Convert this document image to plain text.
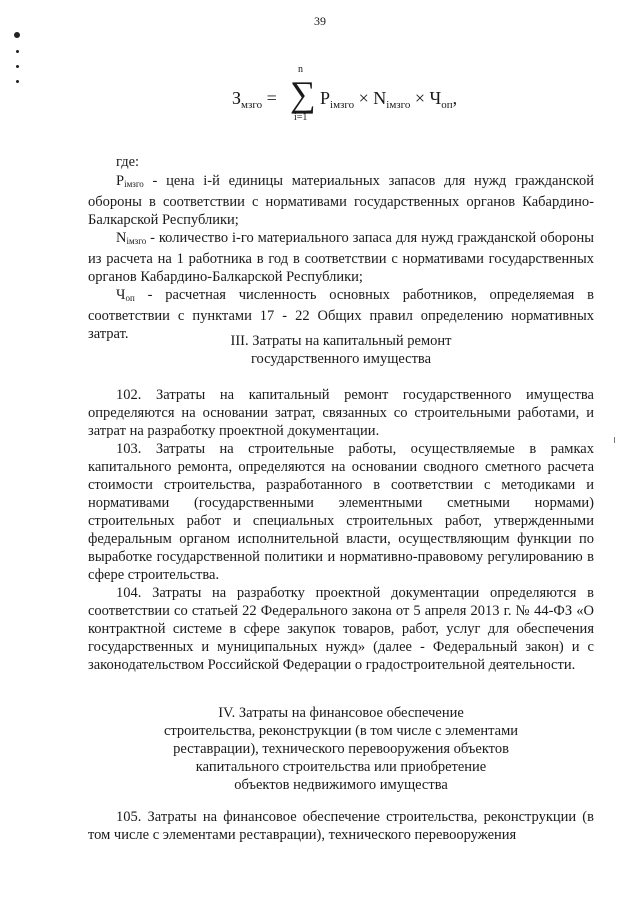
39
$З_{мзго}$ =
n
∑
i=1
$P_{iмзго} \times N_{iмзго} \times Ч_{оп}$,
где:

Piмзго - цена i-й единицы материальных запасов для нужд гражданской обороны в соответствии с нормативами государственных органов Кабардино-Балкарской Республики;

Niмзго - количество i-го материального запаса для нужд гражданской обороны из расчета на 1 работника в год в соответствии с нормативами государственных органов Кабардино-Балкарской Республики;

Чоп - расчетная численность основных работников, определяемая в соответствии с пунктами 17 - 22 Общих правил определению нормативных затрат.	III. Затраты на капитальный ремонт
государственного имущества

102. Затраты на капитальный ремонт государственного имущества определяются на основании затрат, связанных со строительными работами, и затрат на разработку проектной документации.

103. Затраты на строительные работы, осуществляемые в рамках капитального ремонта, определяются на основании сводного сметного расчета стоимости строительства, разработанного в соответствии с методиками и нормативами (государственными элементными сметными нормами) строительных работ и специальных строительных работ, утвержденными федеральным органом исполнительной власти, осуществляющим функции по выработке государственной политики и нормативно-правовому регулированию в сфере строительства.

104. Затраты на разработку проектной документации определяются в соответствии со статьей 22 Федерального закона от 5 апреля 2013 г. № 44-ФЗ «О контрактной системе в сфере закупок товаров, работ, услуг для обеспечения государственных и муниципальных нужд» (далее - Федеральный закон) и с законодательством Российской Федерации о градостроительной деятельности.

IV. Затраты на финансовое обеспечение
строительства, реконструкции (в том числе с элементами
реставрации), технического перевооружения объектов
капитального строительства или приобретение
объектов недвижимого имущества

105. Затраты на финансовое обеспечение строительства, реконструкции (в том числе с элементами реставрации), технического перевооружения
